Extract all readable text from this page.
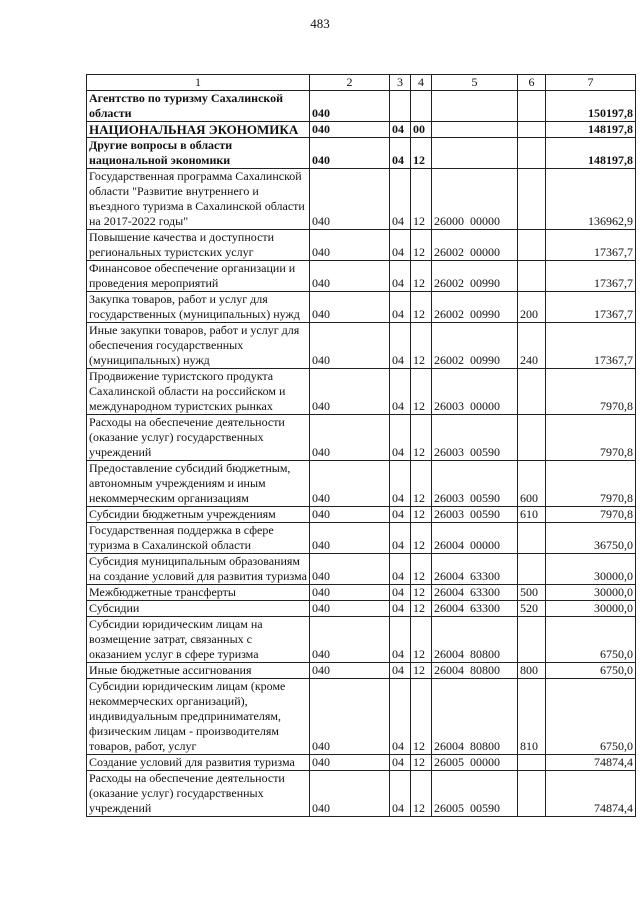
483
1	2	3	4	5	6	7
Агентство по туризму Сахалинской области	040					150197,8
НАЦИОНАЛЬНАЯ ЭКОНОМИКА	040	04	00			148197,8
Другие вопросы в области национальной экономики	040	04	12			148197,8
Государственная программа Сахалинской области "Развитие внутреннего и въездного туризма в Сахалинской области на 2017-2022 годы"	040	04	12	26000  00000		136962,9
Повышение качества и доступности региональных туристских услуг	040	04	12	26002  00000		17367,7
Финансовое обеспечение организации и проведения мероприятий	040	04	12	26002  00990		17367,7
Закупка товаров, работ и услуг для государственных (муниципальных) нужд	040	04	12	26002  00990	200	17367,7
Иные закупки товаров, работ и услуг для обеспечения государственных (муниципальных) нужд	040	04	12	26002  00990	240	17367,7
Продвижение туристского продукта Сахалинской области на российском и международном туристских рынках	040	04	12	26003  00000		7970,8
Расходы на обеспечение деятельности (оказание услуг) государственных учреждений	040	04	12	26003  00590		7970,8
Предоставление субсидий бюджетным, автономным учреждениям и иным некоммерческим организациям	040	04	12	26003  00590	600	7970,8
Субсидии бюджетным учреждениям	040	04	12	26003  00590	610	7970,8
Государственная поддержка в сфере туризма в Сахалинской области	040	04	12	26004  00000		36750,0
Субсидия муниципальным образованиям на создание условий для развития туризма	040	04	12	26004  63300		30000,0
Межбюджетные трансферты	040	04	12	26004  63300	500	30000,0
Субсидии	040	04	12	26004  63300	520	30000,0
Субсидии юридическим лицам на возмещение затрат, связанных с оказанием услуг в сфере туризма	040	04	12	26004  80800		6750,0
Иные бюджетные ассигнования	040	04	12	26004  80800	800	6750,0
Субсидии юридическим лицам (кроме некоммерческих организаций), индивидуальным предпринимателям, физическим лицам - производителям товаров, работ, услуг	040	04	12	26004  80800	810	6750,0
Создание условий для развития туризма	040	04	12	26005  00000		74874,4
Расходы на обеспечение деятельности (оказание услуг) государственных учреждений	040	04	12	26005  00590		74874,4
